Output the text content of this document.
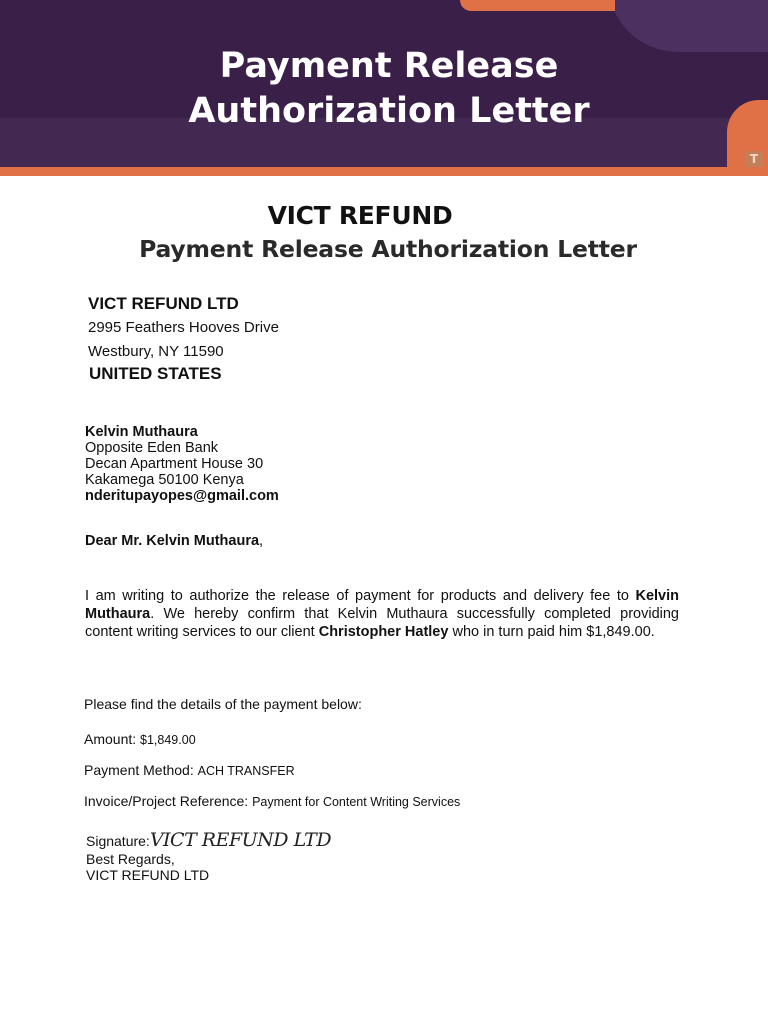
Payment Release
Authorization Letter
T
VICT REFUND
Payment Release Authorization Letter
VICT REFUND LTD
2995 Feathers Hooves Drive
Westbury, NY 11590
UNITED STATES
Kelvin Muthaura
Opposite Eden Bank
Decan Apartment House 30
Kakamega 50100 Kenya
nderitupayopes@gmail.com
Dear Mr. Kelvin Muthaura,

I am writing to authorize the release of payment for products and delivery fee to Kelvin Muthaura. We hereby confirm that Kelvin Muthaura successfully completed providing content writing services to our client Christopher Hatley who in turn paid him $1,849.00.

Please find the details of the payment below:
Amount: $1,849.00
Payment Method: ACH TRANSFER
Invoice/Project Reference: Payment for Content Writing Services
Signature:VICT REFUND LTD
Best Regards,
VICT REFUND LTD
